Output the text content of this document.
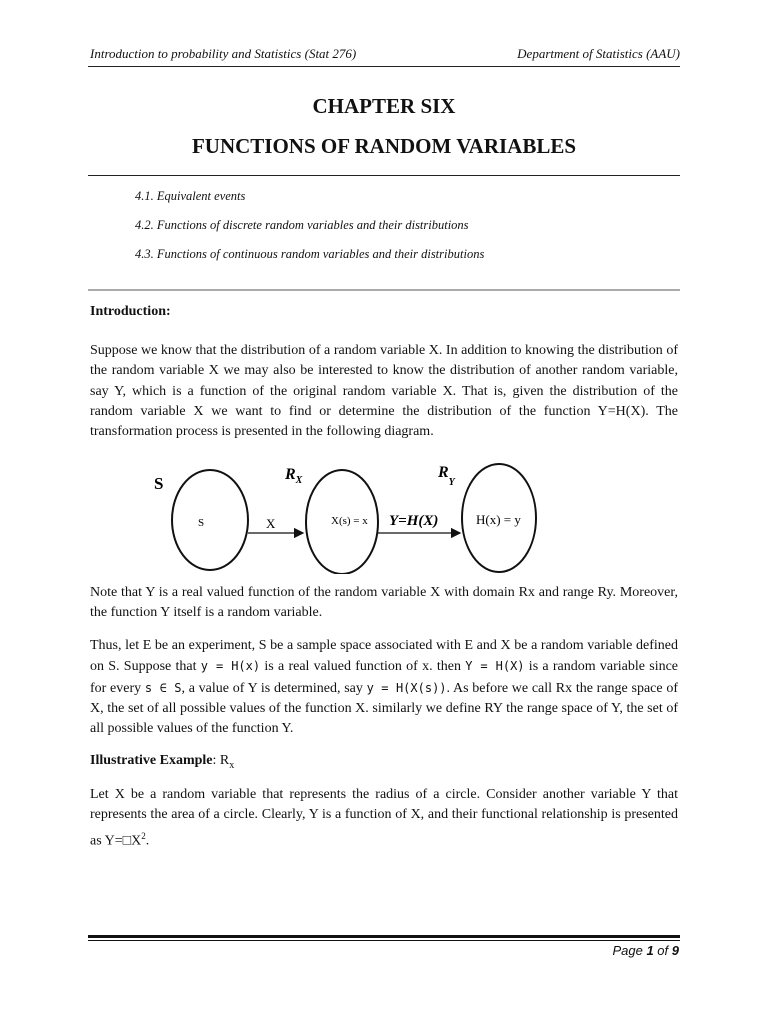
Introduction to probability and Statistics (Stat 276)	Department of Statistics (AAU)
CHAPTER SIX
FUNCTIONS OF RANDOM VARIABLES
4.1. Equivalent events
4.2. Functions of discrete random variables and their distributions
4.3. Functions of continuous random variables and their distributions
Introduction:

Suppose we know that the distribution of a random variable X. In addition to knowing the distribution of the random variable X we may also be interested to know the distribution of another random variable, say Y, which is a function of the original random variable X. That is, given the distribution of the random variable X we want to find or determine the distribution of the function Y=H(X). The transformation process is presented in the following diagram.

S	$R_X$	$R_Y$
S	X(s) = x	H(x) = y
X	Y=H(X)

Note that Y is a real valued function of the random variable X with domain Rx and range Ry. Moreover, the function Y itself is a random variable.

Thus, let E be an experiment, S be a sample space associated with E and X be a random variable defined on S. Suppose that y = H(x) is a real valued function of x. then Y = H(X) is a random variable since for every s ∈ S, a value of Y is determined, say y = H(X(s)). As before we call Rx the range space of X, the set of all possible values of the function X. similarly we define RY the range space of Y, the set of all possible values of the function Y.

Illustrative Example: $R_x$

Let X be a random variable that represents the radius of a circle. Consider another variable Y that represents the area of a circle. Clearly, Y is a function of X, and their functional relationship is presented as $Y=□X^2$.

Page 1 of 9
